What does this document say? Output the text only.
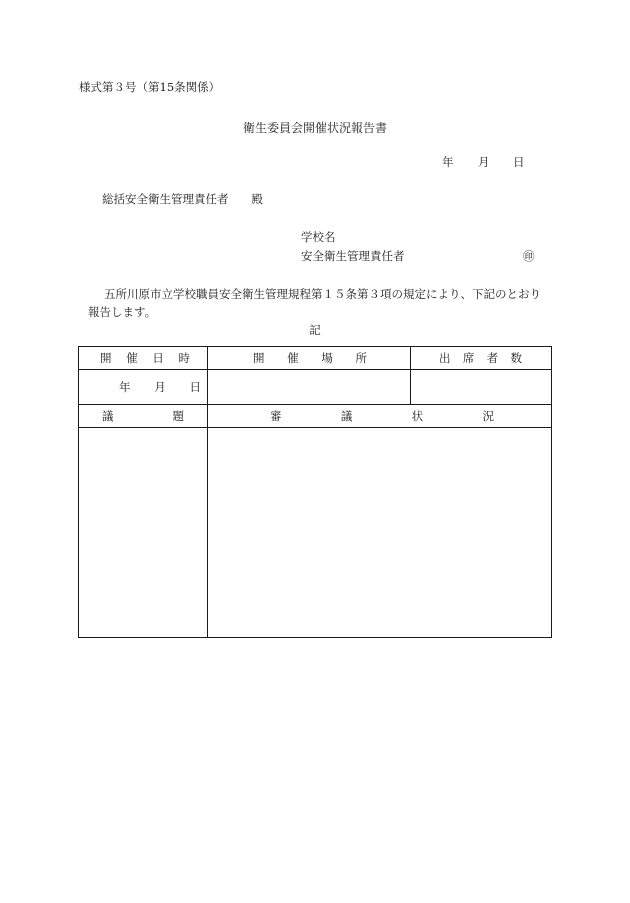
様式第３号（第15条関係）
衛生委員会開催状況報告書
年 月 日
総括安全衛生管理責任者　　殿
学校名
安全衛生管理責任者	㊞
五所川原市立学校職員安全衛生管理規程第１５条第３項の規定により、下記のとおり
報告します。
記
開 催 日 時	開 催 場 所	出 席 者 数

年 月 日		

議 題	審 議 状 況	
